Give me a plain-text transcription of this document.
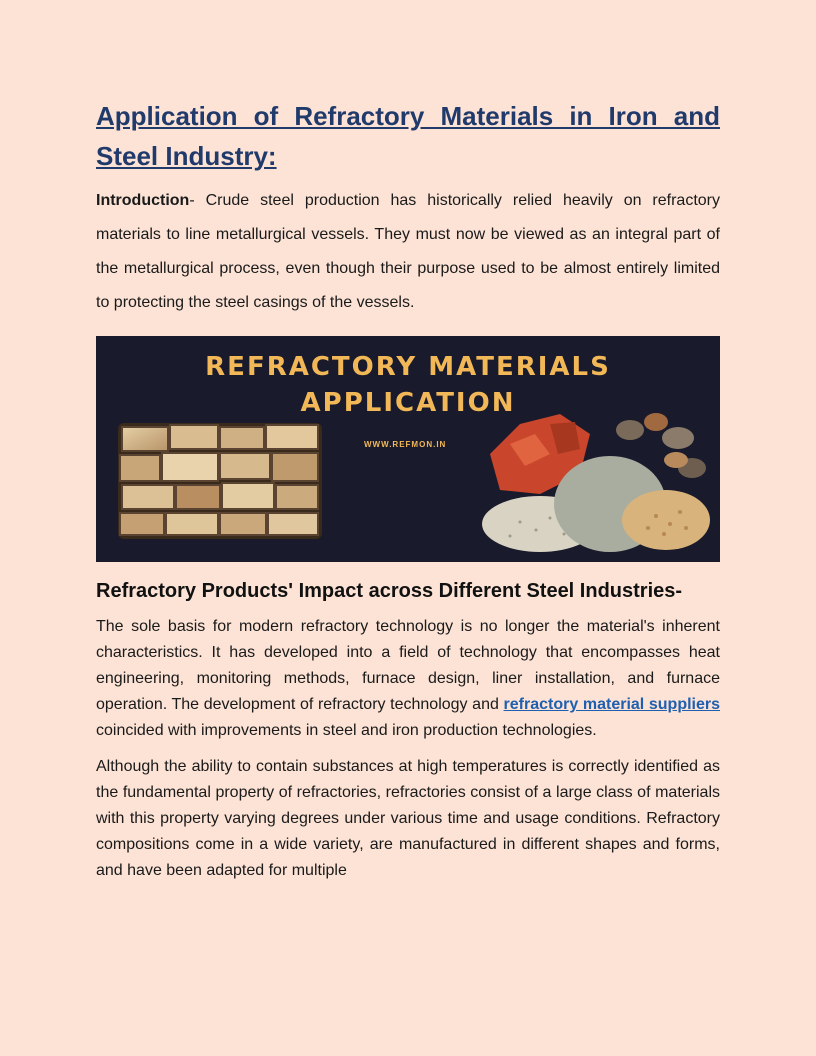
Application of Refractory Materials in Iron and Steel Industry:

Introduction- Crude steel production has historically relied heavily on refractory materials to line metallurgical vessels. They must now be viewed as an integral part of the metallurgical process, even though their purpose used to be almost entirely limited to protecting the steel casings of the vessels.

REFRACTORY MATERIALS
APPLICATION
WWW.REFMON.IN
Refractory Products' Impact across Different Steel Industries-

The sole basis for modern refractory technology is no longer the material's inherent characteristics. It has developed into a field of technology that encompasses heat engineering, monitoring methods, furnace design, liner installation, and furnace operation. The development of refractory technology and refractory material suppliers coincided with improvements in steel and iron production technologies.

Although the ability to contain substances at high temperatures is correctly identified as the fundamental property of refractories, refractories consist of a large class of materials with this property varying degrees under various time and usage conditions. Refractory compositions come in a wide variety, are manufactured in different shapes and forms, and have been adapted for multiple
